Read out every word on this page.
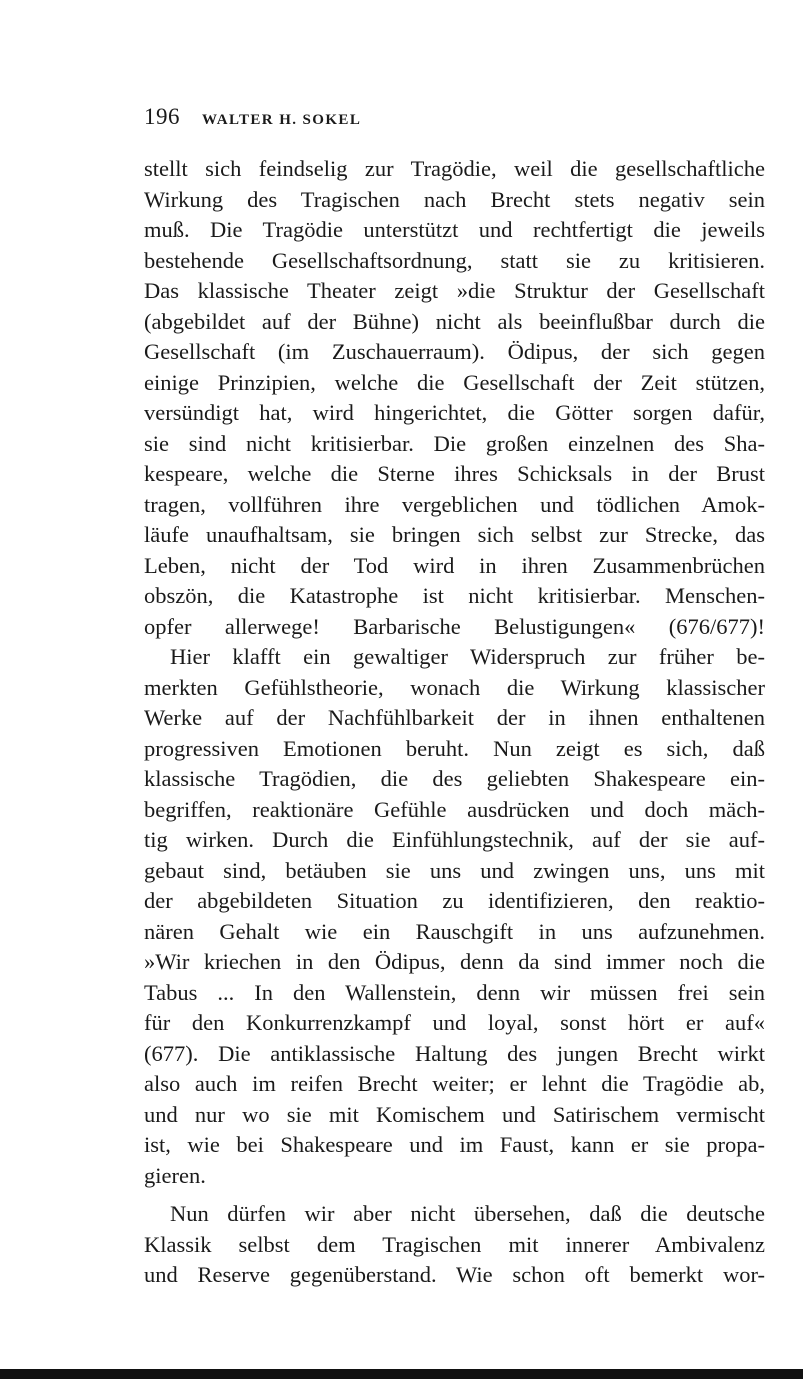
196 WALTER H. SOKEL
stellt sich feindselig zur Tragödie, weil die gesellschaftliche
Wirkung des Tragischen nach Brecht stets negativ sein
muß. Die Tragödie unterstützt und rechtfertigt die jeweils
bestehende Gesellschaftsordnung, statt sie zu kritisieren.
Das klassische Theater zeigt »die Struktur der Gesellschaft
(abgebildet auf der Bühne) nicht als beeinflußbar durch die
Gesellschaft (im Zuschauerraum). Ödipus, der sich gegen
einige Prinzipien, welche die Gesellschaft der Zeit stützen,
versündigt hat, wird hingerichtet, die Götter sorgen dafür,
sie sind nicht kritisierbar. Die großen einzelnen des Sha-
kespeare, welche die Sterne ihres Schicksals in der Brust
tragen, vollführen ihre vergeblichen und tödlichen Amok-
läufe unaufhaltsam, sie bringen sich selbst zur Strecke, das
Leben, nicht der Tod wird in ihren Zusammenbrüchen
obszön, die Katastrophe ist nicht kritisierbar. Menschen-
opfer allerwege! Barbarische Belustigungen« (676/677)!
Hier klafft ein gewaltiger Widerspruch zur früher be-
merkten Gefühlstheorie, wonach die Wirkung klassischer
Werke auf der Nachfühlbarkeit der in ihnen enthaltenen
progressiven Emotionen beruht. Nun zeigt es sich, daß
klassische Tragödien, die des geliebten Shakespeare ein-
begriffen, reaktionäre Gefühle ausdrücken und doch mäch-
tig wirken. Durch die Einfühlungstechnik, auf der sie auf-
gebaut sind, betäuben sie uns und zwingen uns, uns mit
der abgebildeten Situation zu identifizieren, den reaktio-
nären Gehalt wie ein Rauschgift in uns aufzunehmen.
»Wir kriechen in den Ödipus, denn da sind immer noch die
Tabus ... In den Wallenstein, denn wir müssen frei sein
für den Konkurrenzkampf und loyal, sonst hört er auf«
(677). Die antiklassische Haltung des jungen Brecht wirkt
also auch im reifen Brecht weiter; er lehnt die Tragödie ab,
und nur wo sie mit Komischem und Satirischem vermischt
ist, wie bei Shakespeare und im Faust, kann er sie propa-
gieren.
Nun dürfen wir aber nicht übersehen, daß die deutsche
Klassik selbst dem Tragischen mit innerer Ambivalenz
und Reserve gegenüberstand. Wie schon oft bemerkt wor-
